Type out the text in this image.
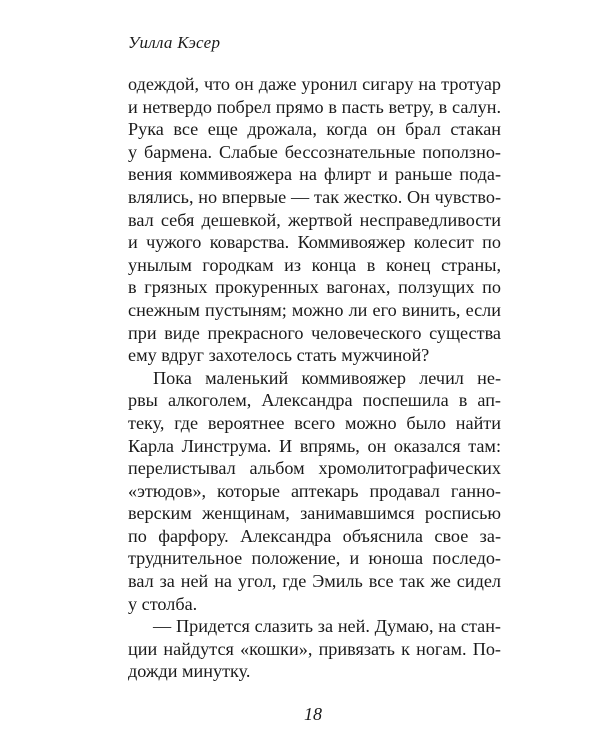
Уилла Кэсер
одеждой, что он даже уронил сигару на тротуар
и нетвердо побрел прямо в пасть ветру, в салун.
Рука все еще дрожала, когда он брал стакан
у бармена. Слабые бессознательные поползно-
вения коммивояжера на флирт и раньше пода-
влялись, но впервые — так жестко. Он чувство-
вал себя дешевкой, жертвой несправедливости
и чужого коварства. Коммивояжер колесит по
унылым городкам из конца в конец страны,
в грязных прокуренных вагонах, ползущих по
снежным пустыням; можно ли его винить, если
при виде прекрасного человеческого существа
ему вдруг захотелось стать мужчиной?
Пока маленький коммивояжер лечил не-
рвы алкоголем, Александра поспешила в ап-
теку, где вероятнее всего можно было найти
Карла Линструма. И впрямь, он оказался там:
перелистывал альбом хромолитографических
«этюдов», которые аптекарь продавал ганно-
верским женщинам, занимавшимся росписью
по фарфору. Александра объяснила свое за-
труднительное положение, и юноша последо-
вал за ней на угол, где Эмиль все так же сидел
у столба.
— Придется слазить за ней. Думаю, на стан-
ции найдутся «кошки», привязать к ногам. По-
дожди минутку.
18
